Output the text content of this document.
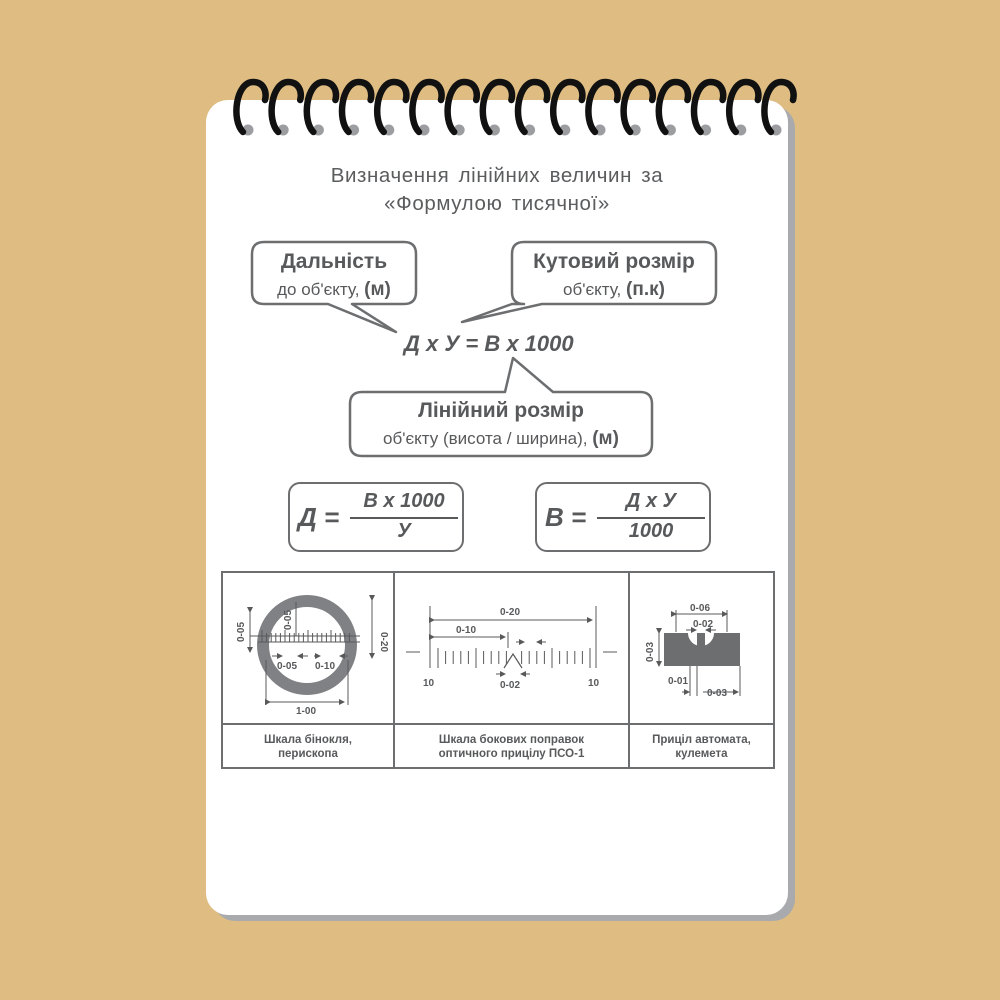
Визначення лінійних величин за
«Формулою тисячної»
Дальність
до об'єкту, (м)
Кутовий розмір
об'єкту, (п.к)
Лінійний розмір
об'єкту (висота / ширина), (м)
Д х У = В х 1000
Д =
В х 1000
У	В =
Д х У
1000
0-05
0-05
0-20
0-05 0-10
1-00
0-20
0-10
10	10
0-02
0-06
0-02
0-03
0-01
0-03
Шкала бінокля,
перископа
Шкала бокових поправок
оптичного прицілу ПСО-1
Приціл автомата,
кулемета
